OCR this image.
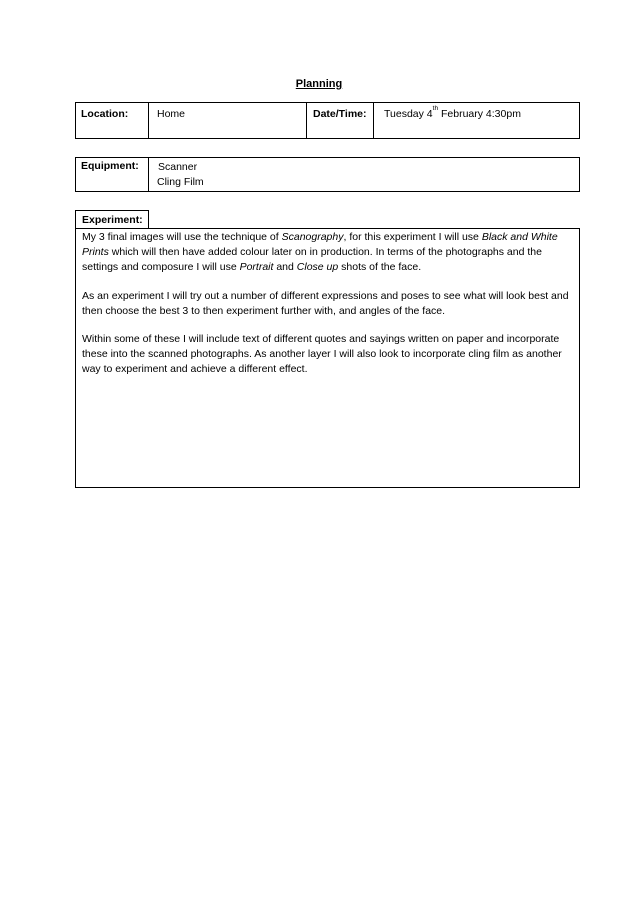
Planning
Location:	Home	Date/Time:	Tuesday 4th February 4:30pm
Equipment:	Scanner
Cling Film
Experiment:

My 3 final images will use the technique of Scanography, for this experiment I will use Black and White Prints which will then have added colour later on in production. In terms of the photographs and the settings and composure I will use Portrait and Close up shots of the face.

As an experiment I will try out a number of different expressions and poses to see what will look best and then choose the best 3 to then experiment further with, and angles of the face.

Within some of these I will include text of different quotes and sayings written on paper and incorporate these into the scanned photographs. As another layer I will also look to incorporate cling film as another way to experiment and achieve a different effect.
